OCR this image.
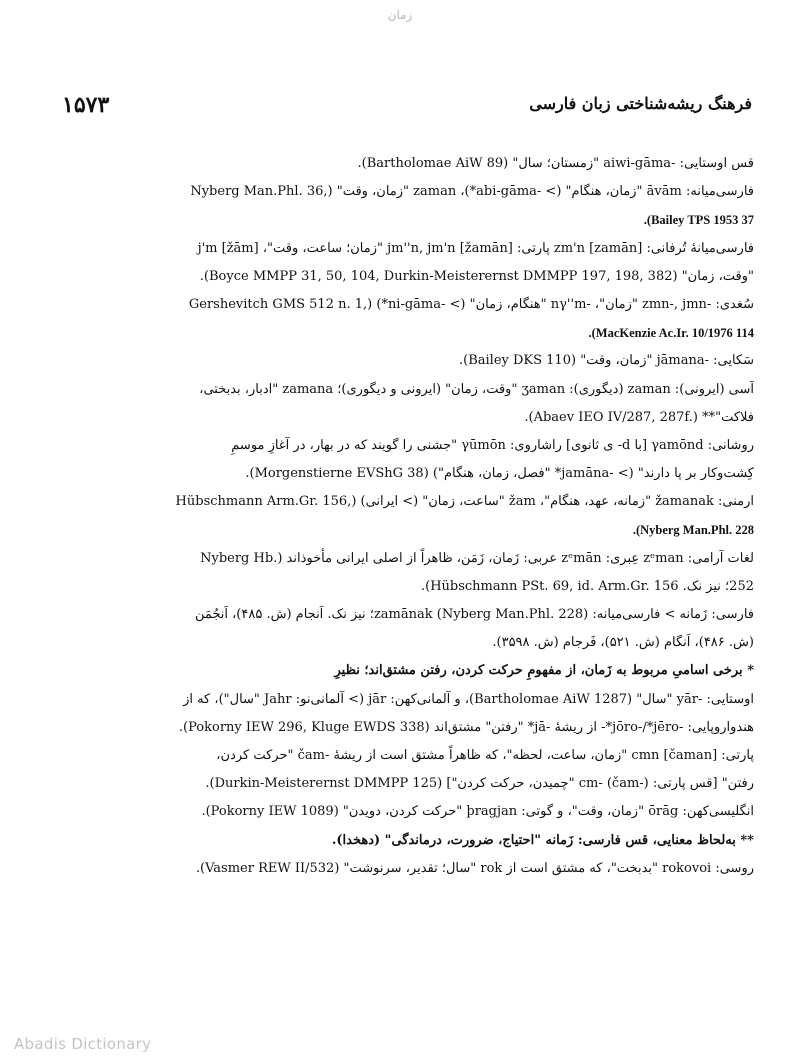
زمان
۱۵۷۳	فرهنگ ریشه‌شناختی زبان فارسی
قس اوستایی: ‎aiwi-gāma-‎ "زمستان؛ سال" (‎Bartholomae AiW 89‎).
فارسی‌میانه: ‎āvām‎ "زمان، هنگام" (> ‎*abi-gāma-‎)، ‎zaman‎ "زمان، وقت" (‎Nyberg Man.Phl. 36,‎
‎Bailey TPS 1953 37‎).
فارسی‌میانهٔ تُرفانی: ‎zm'n [zamān]‎ پارتی: ‎jm''n, jm'n [žamān]‎ "زمان؛ ساعت، وقت"، ‎j'm [žām]‎
"وقت، زمان" (‎Boyce MMPP 31, 50, 104, Durkin-Meisterernst DMMPP 197, 198, 382‎).
سُغدی: ‎zmn-, jmn-‎ "زمان"، ‎nγ''m-‎ "هنگام، زمان" (> ‎*ni-gāma-‎) (‎Gershevitch GMS 512 n. 1,‎
‎MacKenzie Ac.Ir. 10/1976 114‎).
سَکایی: ‎jāmana-‎ "زمان، وقت" (‎Bailey DKS 110‎).
آسی (ایرونی): ‎zaman‎ (دیگوری): ‎ʒaman‎ "وقت، زمان" (ایرونی و دیگوری)؛ ‎zamana‎ "ادبار، بدبختی،
فلاکت"** (‎Abaev IEO IV/287, 287f.‎).
روشانی: ‎γamōnd‎ [با ‎-d‎ ی ثانوی] راشاروی: ‎γūmōn‎ "جشنی را گویند که در بهار، در آغازِ موسمِ
کِشت‌وکار بر پا دارند" (> ‎*jamāna-‎ "فصل، زمان، هنگام") (‎Morgenstierne EVShG 38‎).
ارمنی: ‎žamanak‎ "زمانه، عهد، هنگام"، ‎žam‎ "ساعت، زمان" (> ایرانی) (‎Hübschmann Arm.Gr. 156,‎
‎Nyberg Man.Phl. 228‎).
لغات آرامی: ‎zᵉman‎ عِبری: ‎zᵉmān‎ عربی: زَمان، زَمَن، ظاهراً از اصلی ایرانی مأخوذاند (‎Nyberg Hb.‎
252؛ نیز نک. ‎Hübschmann PSt. 69, id. Arm.Gr. 156‎).
فارسی: زَمانه > فارسی‌میانه: ‎zamānak‎ (‎Nyberg Man.Phl. 228‎)؛ نیز نک. اَنجام (ش. ۴۸۵)، اَنجُمَن
(ش. ۴۸۶)، اَنگام (ش. ۵۲۱)، فَرجام (ش. ۳۵۹۸).
* برخی اسامیِ مربوط به زَمان، از مفهومِ حرکت کردن، رفتن مشتق‌اند؛ نظیرِ
اوستایی: ‎yār-‎ "سال" (‎Bartholomae AiW 1287‎)، و آلمانی‌کهن: ‎jār‎ (> آلمانی‌نو: ‎Jahr‎ "سال")، که از
هندواروپایی: ‎-*jōro-/*jēro-‎ از ریشهٔ ‎*jā-‎ "رفتن" مشتق‌اند (‎Pokorny IEW 296, Kluge EWDS 338‎).
پارتی: ‎cmn [čaman]‎ "زمان، ساعت، لحظه"، که ظاهراً مشتق است از ریشهٔ ‎čam-‎ "حرکت کردن،
رفتن" [قس پارتی: ‎cm- (čam-)‎ "چمیدن، حرکت کردن"] (‎Durkin-Meisterernst DMMPP 125‎).
انگلیسی‌کهن: ‎ōrāg‎ "زمان، وقت"، و گوتی: ‎þragjan‎ "حرکت کردن، دویدن" (‎Pokorny IEW 1089‎).
** به‌لحاظ معنایی، قس فارسی: زَمانه "احتیاج، ضرورت، درماندگی" (دهخدا).
روسی: ‎rokovoi‎ "بدبخت"، که مشتق است از ‎rok‎ "سال؛ تقدیر، سرنوشت" (‎Vasmer REW II/532‎).
Abadis Dictionary
